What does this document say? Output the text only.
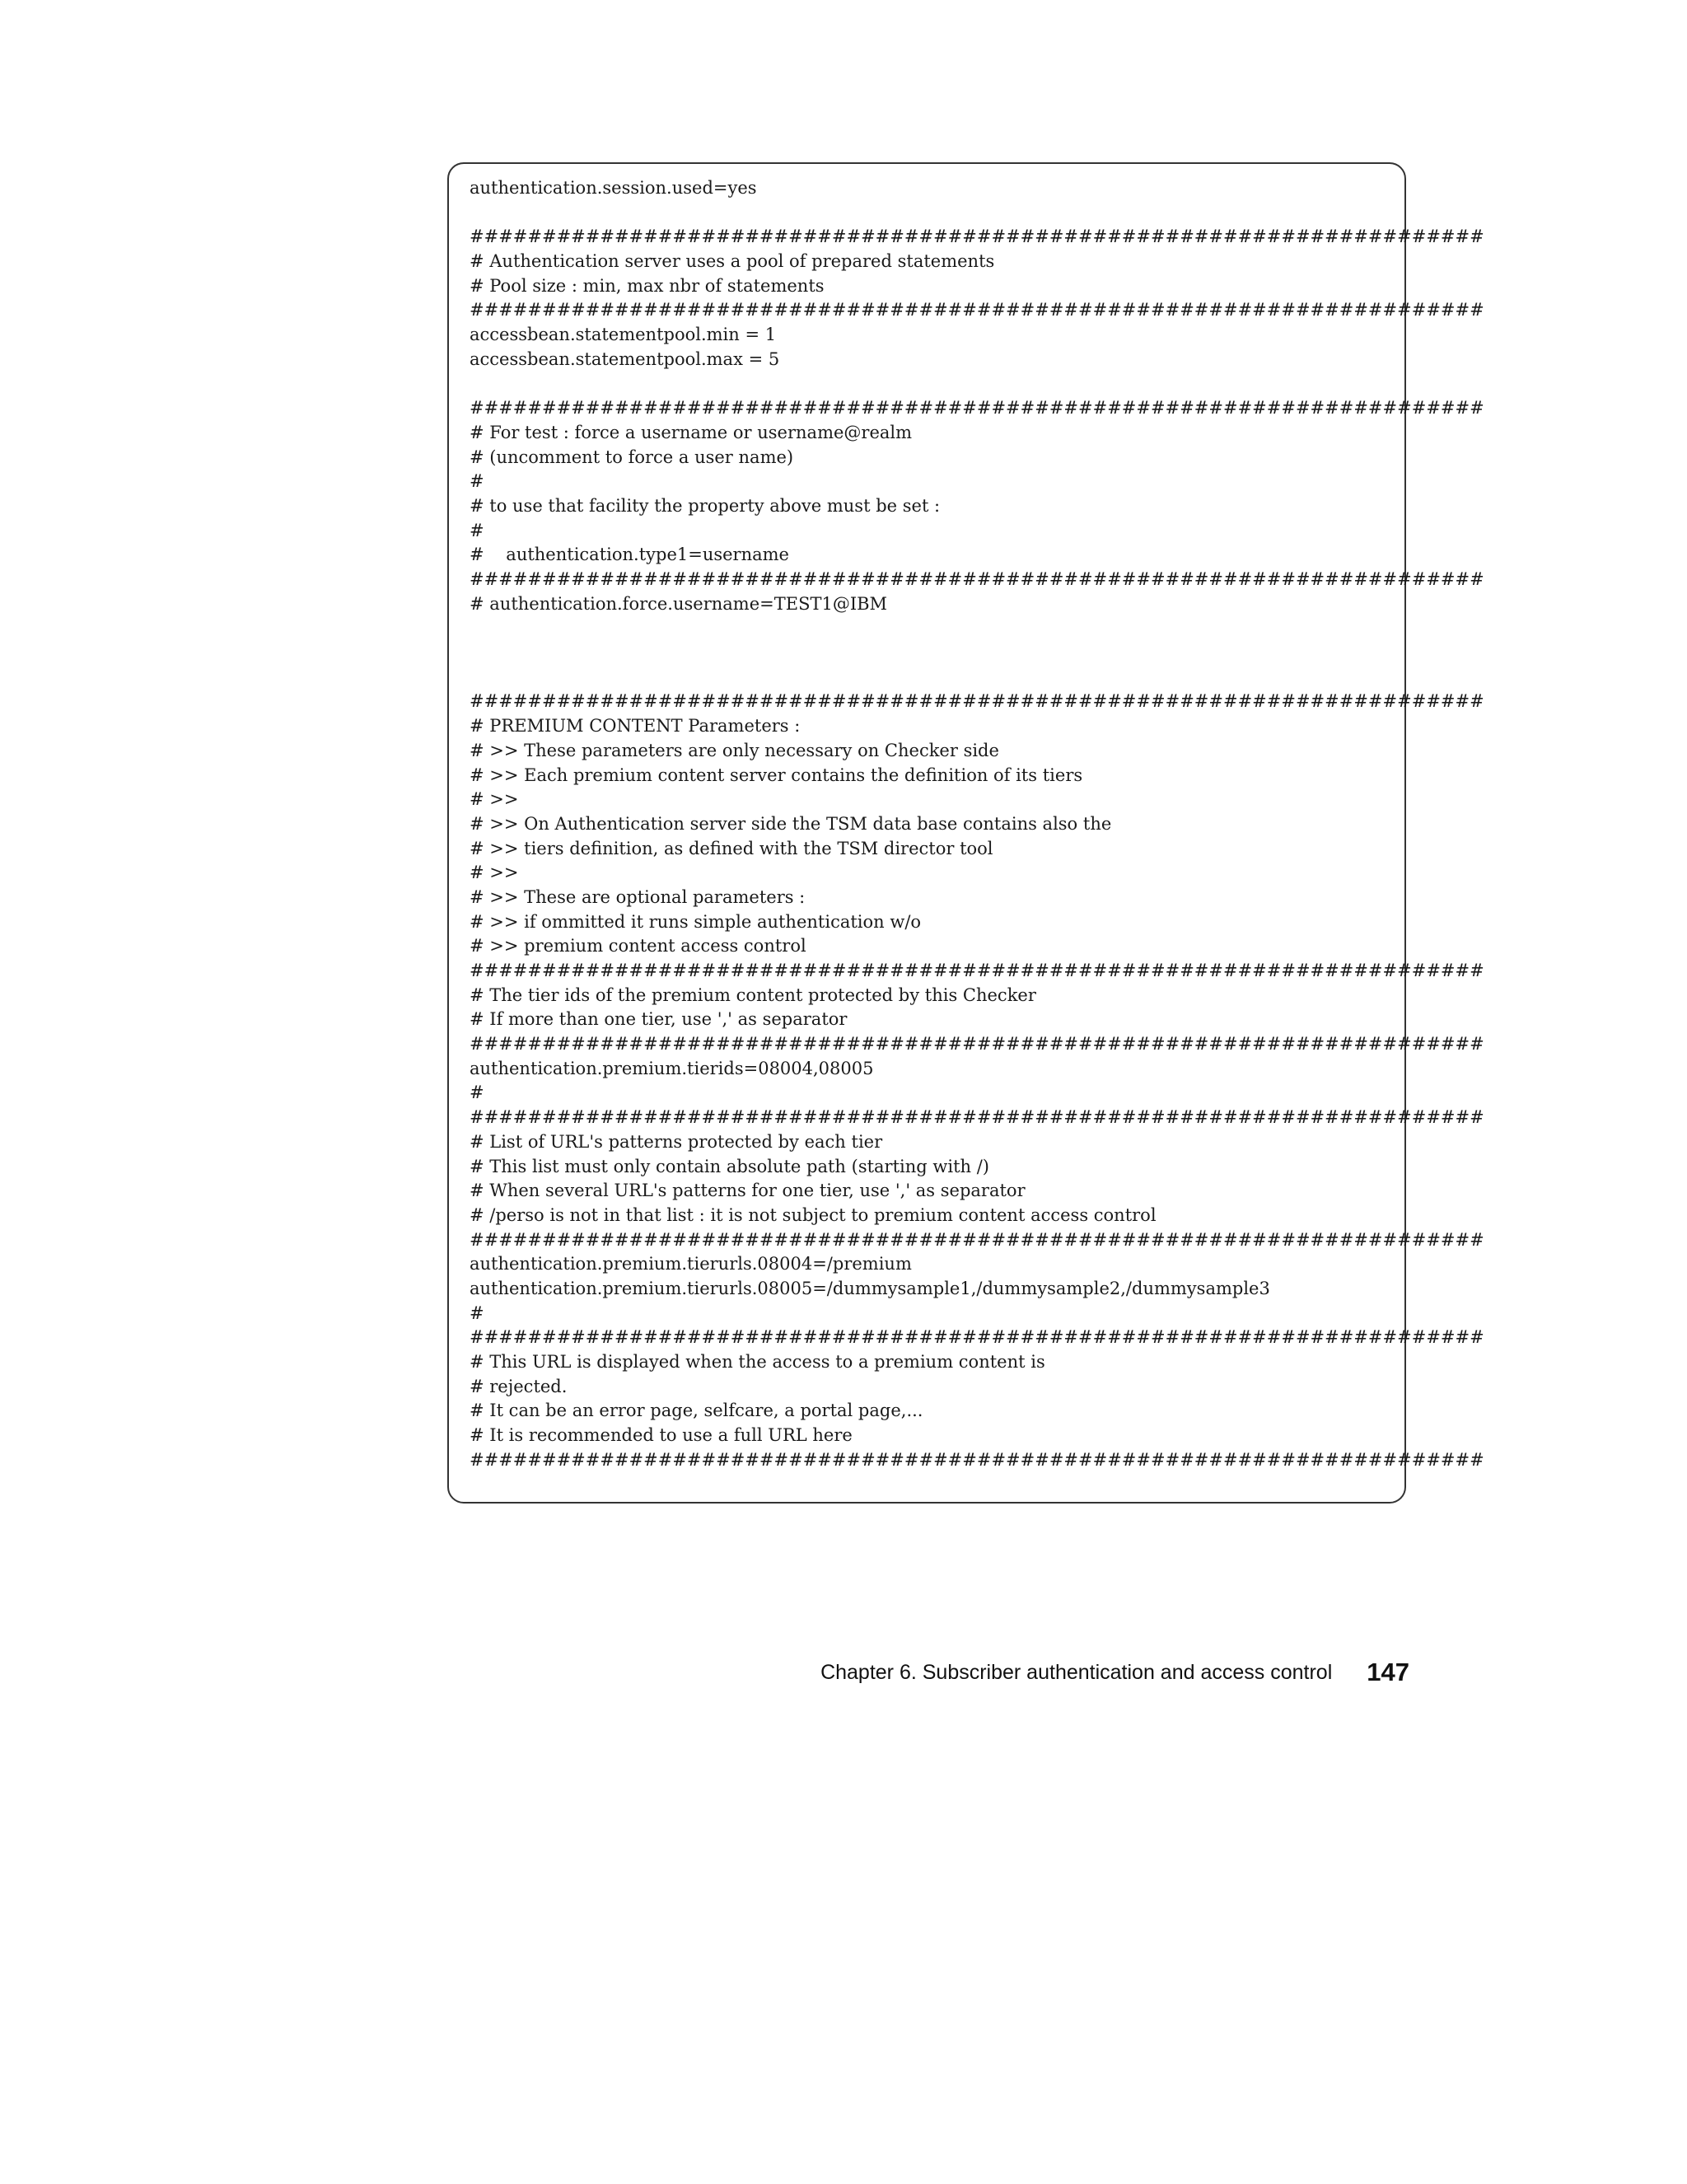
authentication.session.used=yes
######################################################################
# Authentication server uses a pool of prepared statements
# Pool size : min, max nbr of statements
######################################################################
accessbean.statementpool.min = 1
accessbean.statementpool.max = 5
######################################################################
# For test : force a username or username@realm
# (uncomment to force a user name)
#
# to use that facility the property above must be set :
#
#    authentication.type1=username
######################################################################
# authentication.force.username=TEST1@IBM
######################################################################
# PREMIUM CONTENT Parameters :
# >> These parameters are only necessary on Checker side
# >> Each premium content server contains the definition of its tiers
# >>
# >> On Authentication server side the TSM data base contains also the
# >> tiers definition, as defined with the TSM director tool
# >>
# >> These are optional parameters :
# >> if ommitted it runs simple authentication w/o
# >> premium content access control
######################################################################
# The tier ids of the premium content protected by this Checker
# If more than one tier, use ',' as separator
######################################################################
authentication.premium.tierids=08004,08005
#
######################################################################
# List of URL's patterns protected by each tier
# This list must only contain absolute path (starting with /)
# When several URL's patterns for one tier, use ',' as separator
# /perso is not in that list : it is not subject to premium content access control
######################################################################
authentication.premium.tierurls.08004=/premium
authentication.premium.tierurls.08005=/dummysample1,/dummysample2,/dummysample3
#
######################################################################
# This URL is displayed when the access to a premium content is
# rejected.
# It can be an error page, selfcare, a portal page,...
# It is recommended to use a full URL here
######################################################################
Chapter 6. Subscriber authentication and access control 147
